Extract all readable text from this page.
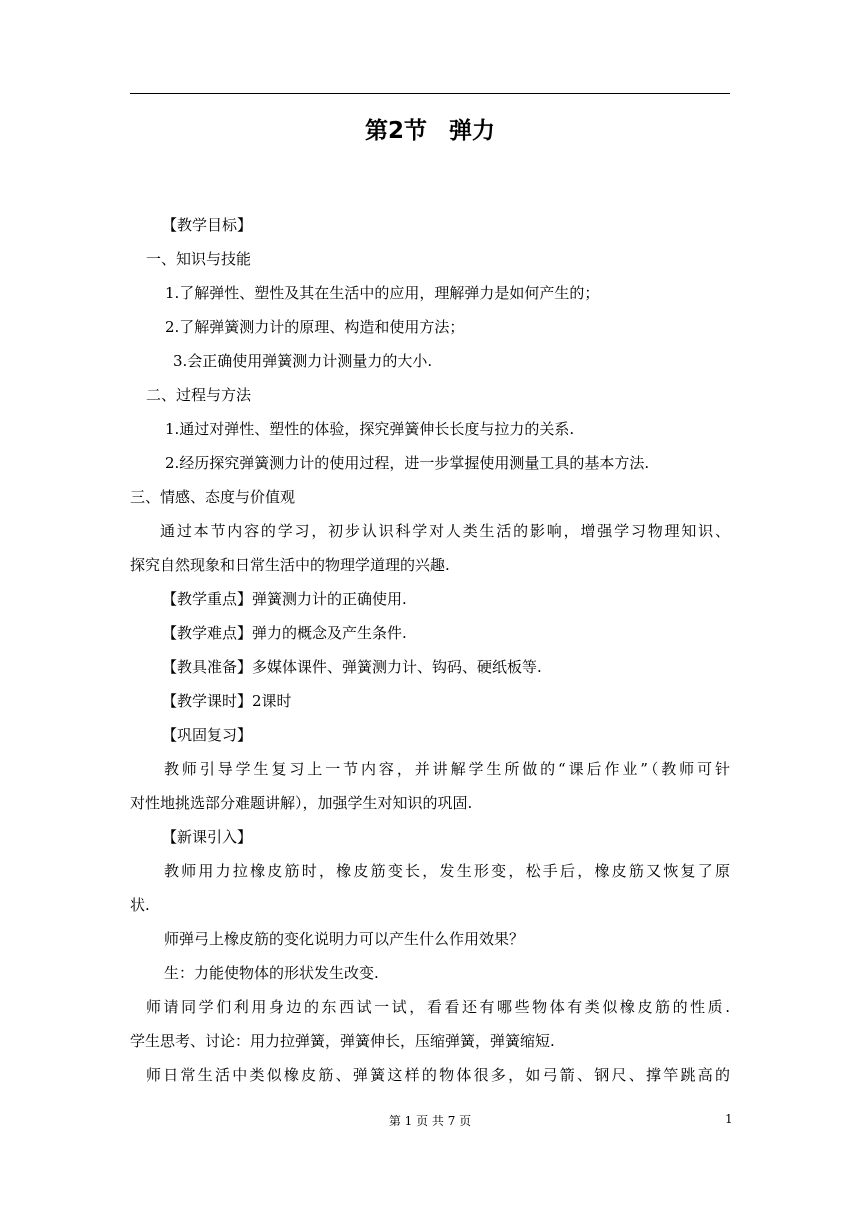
第2节 弹力
【教学目标】
一、知识与技能
1.了解弹性、塑性及其在生活中的应用，理解弹力是如何产生的；
2.了解弹簧测力计的原理、构造和使用方法；
3.会正确使用弹簧测力计测量力的大小.
二、过程与方法
1.通过对弹性、塑性的体验，探究弹簧伸长长度与拉力的关系.
2.经历探究弹簧测力计的使用过程，进一步掌握使用测量工具的基本方法.
三、情感、态度与价值观
通过本节内容的学习，初步认识科学对人类生活的影响，增强学习物理知识、
探究自然现象和日常生活中的物理学道理的兴趣.
【教学重点】弹簧测力计的正确使用.
【教学难点】弹力的概念及产生条件.
【教具准备】多媒体课件、弹簧测力计、钩码、硬纸板等.
【教学课时】2课时
【巩固复习】
教师引导学生复习上一节内容，并讲解学生所做的“课后作业”（教师可针
对性地挑选部分难题讲解），加强学生对知识的巩固.
【新课引入】
教师用力拉橡皮筋时，橡皮筋变长，发生形变，松手后，橡皮筋又恢复了原
状.
师弹弓上橡皮筋的变化说明力可以产生什么作用效果？
生：力能使物体的形状发生改变.
师请同学们利用身边的东西试一试，看看还有哪些物体有类似橡皮筋的性质.
学生思考、讨论：用力拉弹簧，弹簧伸长，压缩弹簧，弹簧缩短.
师日常生活中类似橡皮筋、弹簧这样的物体很多，如弓箭、钢尺、撑竿跳高的
第 1 页 共 7 页	1
